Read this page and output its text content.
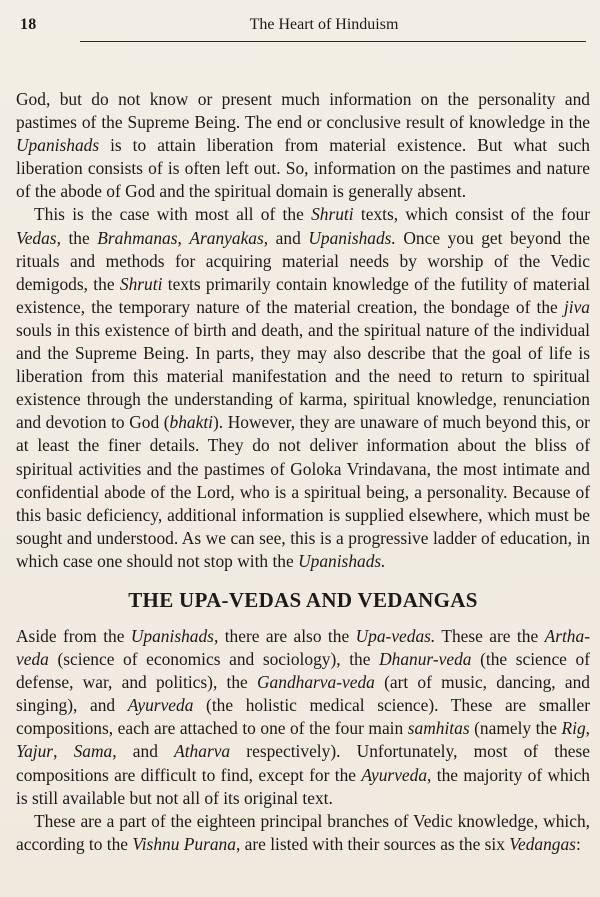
18	The Heart of Hinduism

God, but do not know or present much information on the personality and pastimes of the Supreme Being. The end or conclusive result of knowledge in the Upanishads is to attain liberation from material existence. But what such liberation consists of is often left out. So, information on the pastimes and nature of the abode of God and the spiritual domain is generally absent.

This is the case with most all of the Shruti texts, which consist of the four Vedas, the Brahmanas, Aranyakas, and Upanishads. Once you get beyond the rituals and methods for acquiring material needs by worship of the Vedic demigods, the Shruti texts primarily contain knowledge of the futility of material existence, the temporary nature of the material creation, the bondage of the jiva souls in this existence of birth and death, and the spiritual nature of the individual and the Supreme Being. In parts, they may also describe that the goal of life is liberation from this material manifestation and the need to return to spiritual existence through the understanding of karma, spiritual knowledge, renunciation and devotion to God (bhakti). However, they are unaware of much beyond this, or at least the finer details. They do not deliver information about the bliss of spiritual activities and the pastimes of Goloka Vrindavana, the most intimate and confidential abode of the Lord, who is a spiritual being, a personality. Because of this basic deficiency, additional information is supplied elsewhere, which must be sought and understood. As we can see, this is a progressive ladder of education, in which case one should not stop with the Upanishads.

THE UPA-VEDAS AND VEDANGAS

Aside from the Upanishads, there are also the Upa-vedas. These are the Artha-veda (science of economics and sociology), the Dhanur-veda (the science of defense, war, and politics), the Gandharva-veda (art of music, dancing, and singing), and Ayurveda (the holistic medical science). These are smaller compositions, each are attached to one of the four main samhitas (namely the Rig, Yajur, Sama, and Atharva respectively). Unfortunately, most of these compositions are difficult to find, except for the Ayurveda, the majority of which is still available but not all of its original text.

These are a part of the eighteen principal branches of Vedic knowledge, which, according to the Vishnu Purana, are listed with their sources as the six Vedangas:
